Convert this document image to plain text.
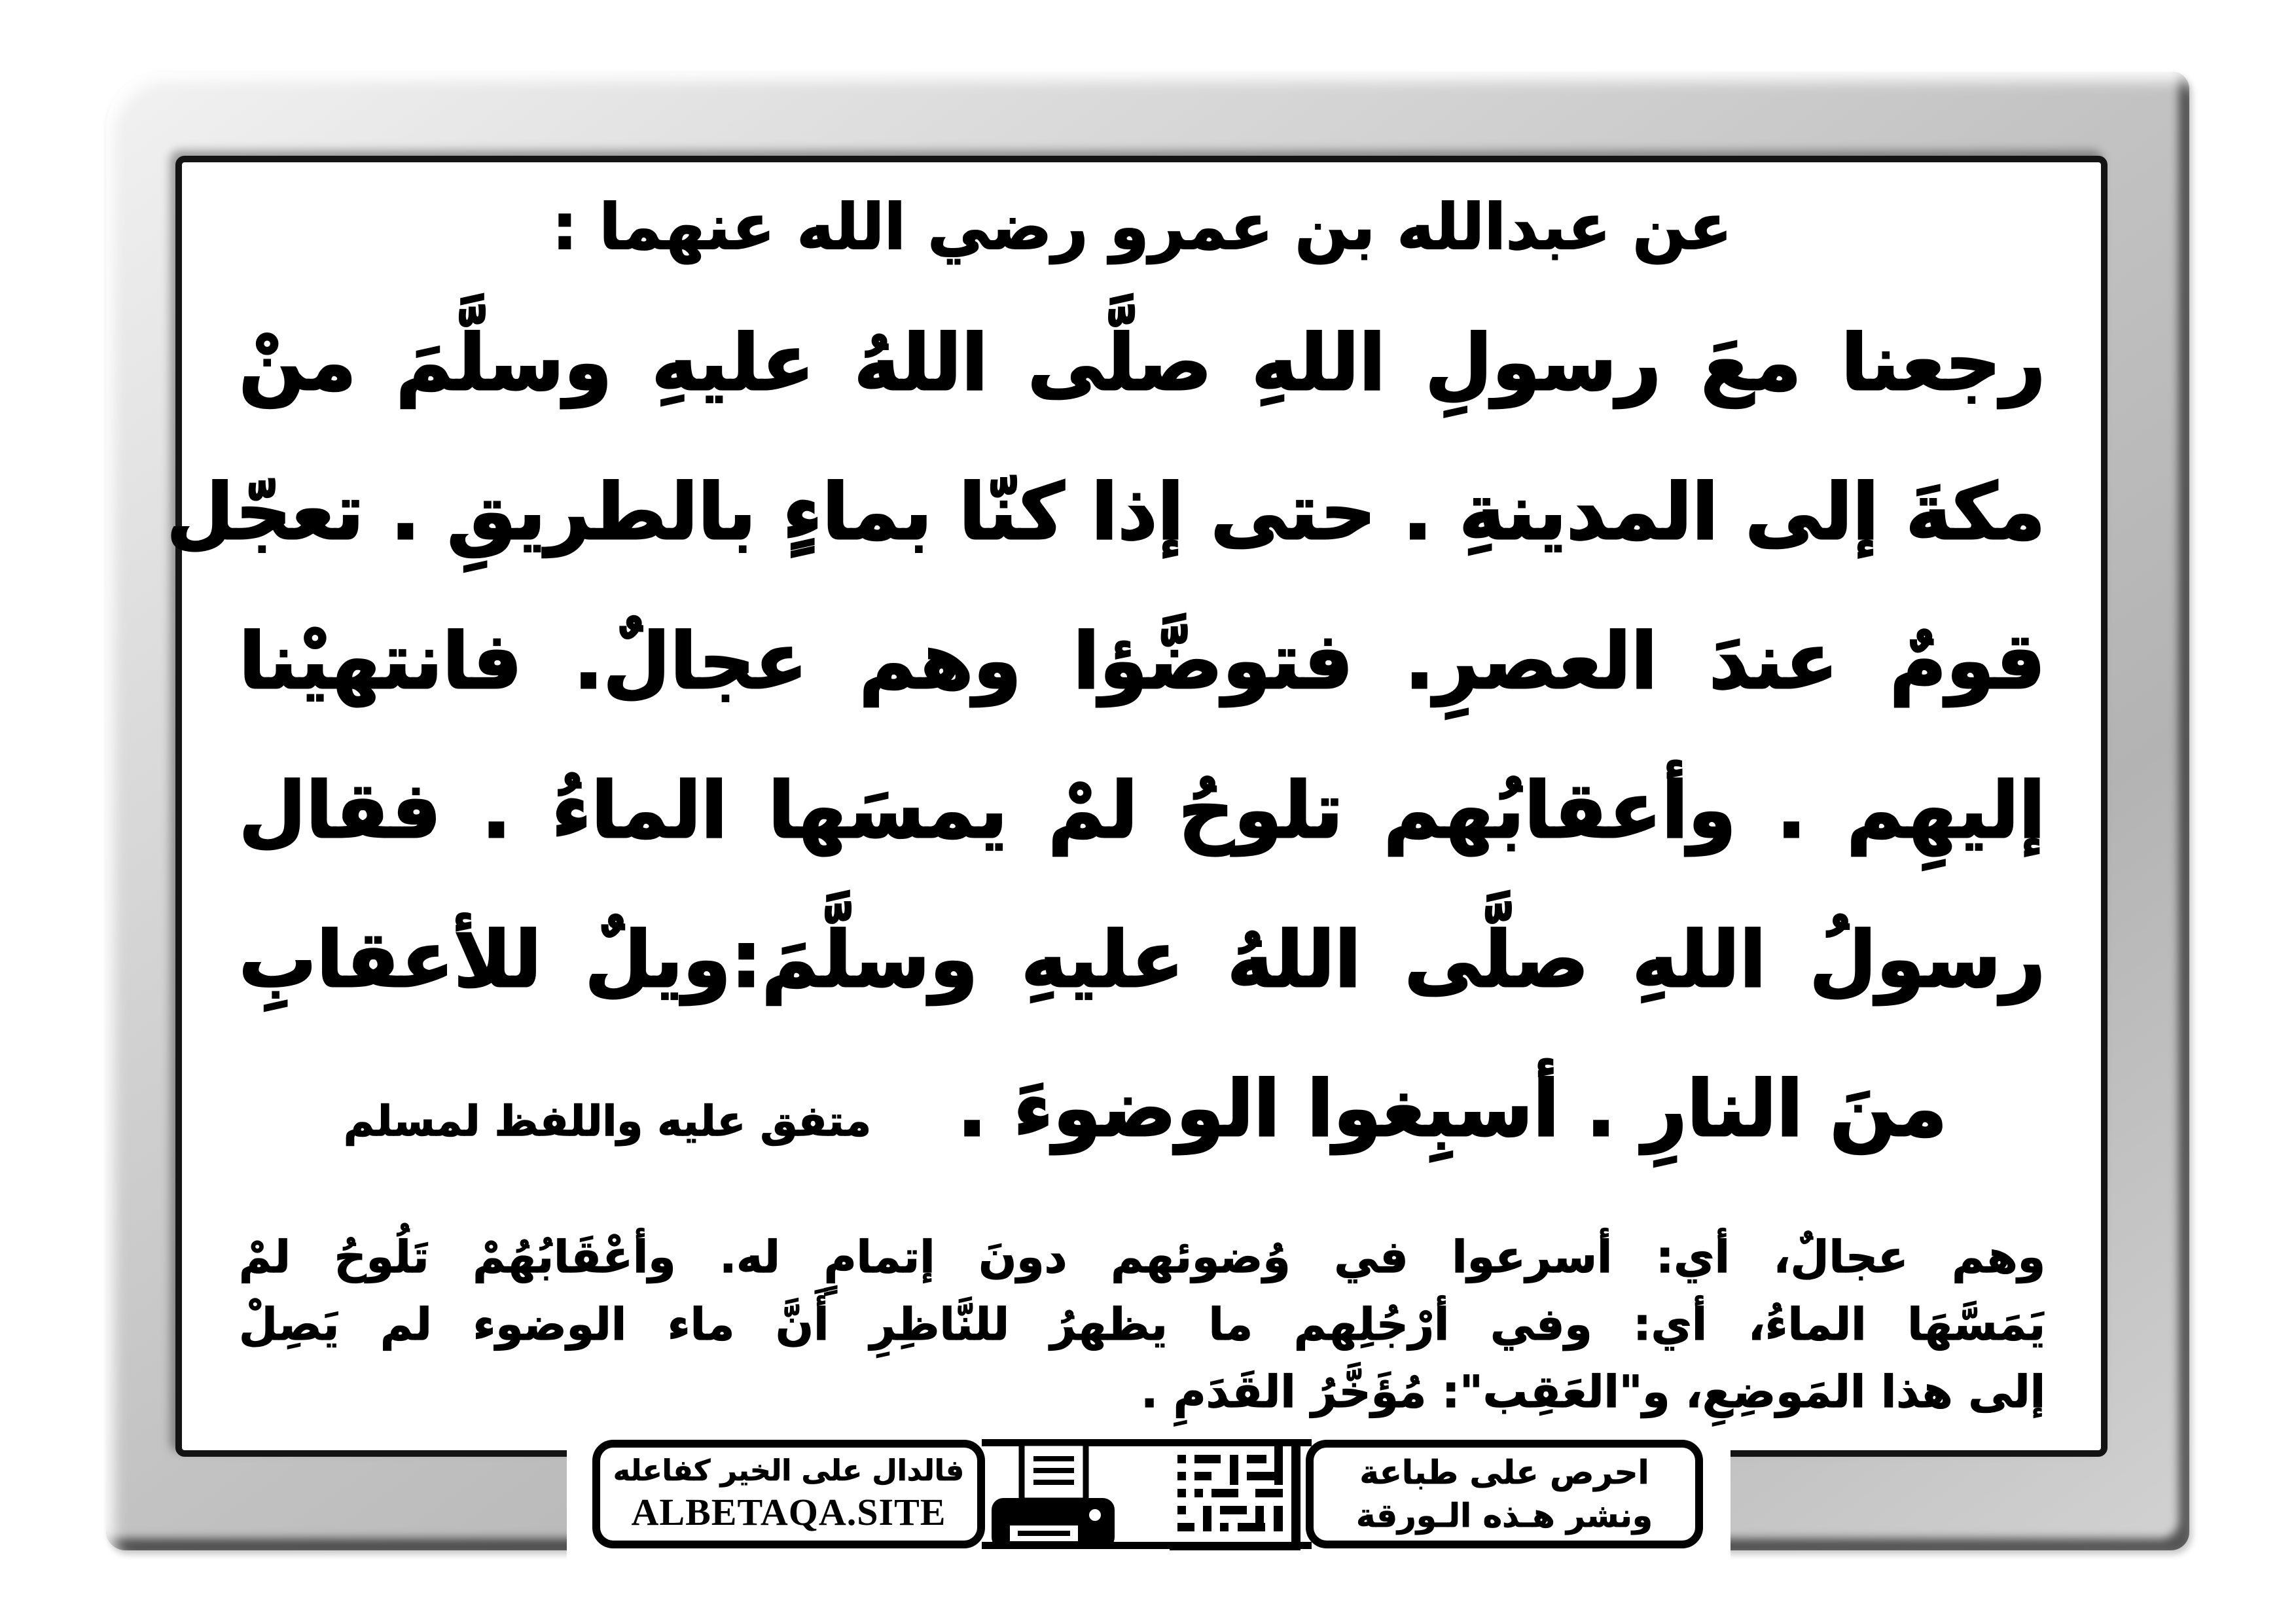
عن عبدالله بن عمرو رضي الله عنهما :
رجعنا معَ رسولِ اللهِ صلَّى اللهُ عليهِ وسلَّمَ منْ
مكةَ إلى المدينةِ . حتى إذا كنّا بماءٍ بالطريقِ . تعجّل
قومٌ عندَ العصرِ. فتوضَّؤا وهم عجالٌ. فانتهيْنا
إليهِم . وأعقابُهم تلوحُ لمْ يمسَها الماءُ . فقال
رسولُ اللهِ صلَّى اللهُ عليهِ وسلَّمَ:ويلٌ للأعقابِ
منَ النارِ . أسبِغوا الوضوءَ .
متفق عليه واللفظ لمسلم
وهم عجالٌ، أي: أسرعوا في وُضوئهم دونَ إتمامٍ له. وأعْقَابُهُمْ تَلُوحُ لمْ
يَمَسَّهَا الماءُ، أي: وفي أرْجُلِهم ما يظهرُ للنَّاظِرِ أَنَّ ماء الوضوء لم يَصِلْ
إلى هذا المَوضِعِ، و"العَقِب": مُؤَخَّرُ القَدَمِ .
فالدال على الخير كفاعله
ALBETAQA.SITE
احرص على طباعة
ونشر هـذه الـورقة
